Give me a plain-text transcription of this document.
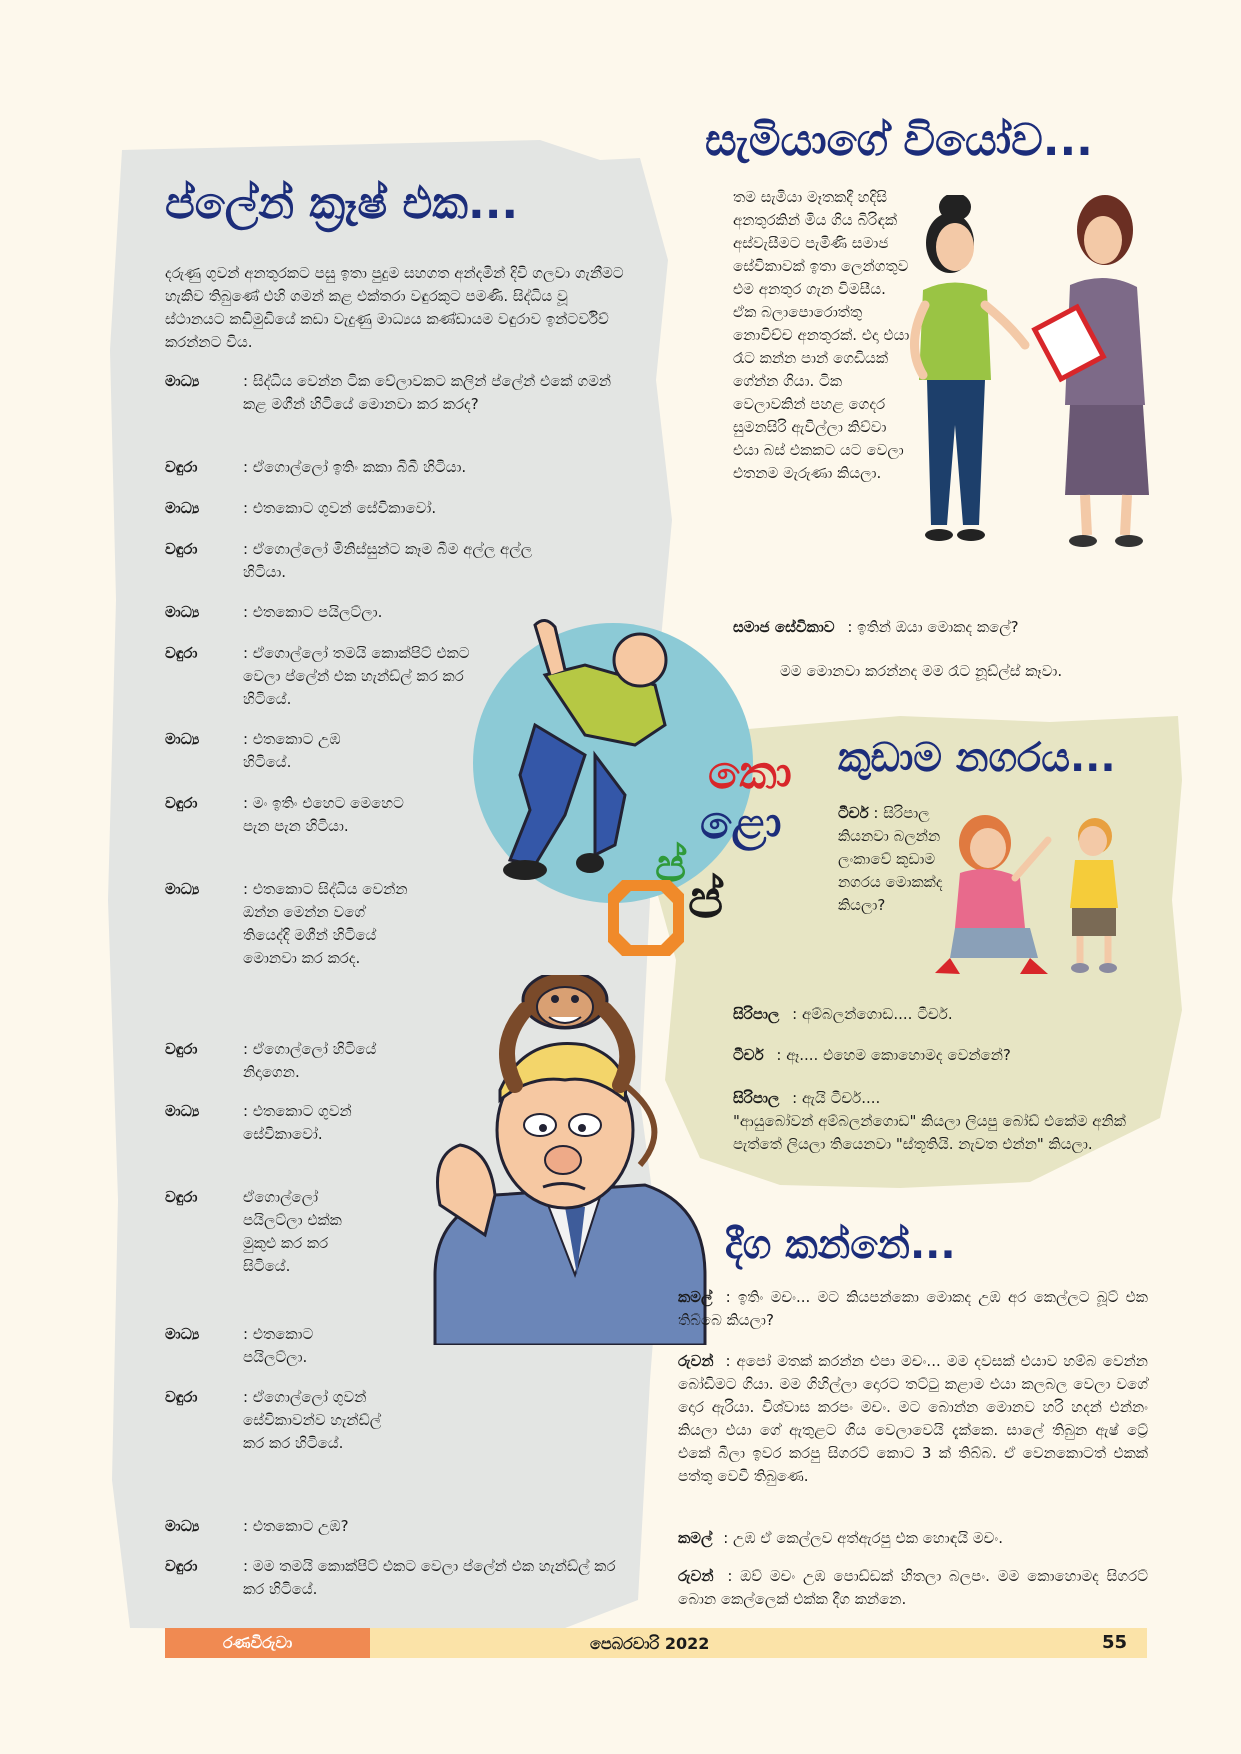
ප්ලේන් ක්‍රෑෂ් එක...
දරුණු ගුවන් අනතුරකට පසු ඉතා පුදුම සහගත අන්දමින් දිවි ගලවා ගැනීමට හැකිව තිබුණේ එහි ගමන් කළ එක්තරා වඳුරකුට පමණි. සිද්ධිය වූ ස්ථානයට කඩිමුඩියේ කඩා වැදුණු මාධ්‍යය කණ්ඩායම වඳුරාව ඉන්ටර්විව් කරන්නට විය.
මාධ්‍ය	: සිද්ධිය වෙන්න ටික වේලාවකට කලින් ප්ලේන් එකේ ගමන් කළ මගීන් හිටියේ මොනවා කර කරද?
වඳුරා	: ඒගොල්ලෝ ඉතිං කකා බිබී හිටියා.
මාධ්‍ය	: එතකොට ගුවන් සේවිකාවෝ.
වඳුරා	: ඒගොල්ලෝ මිනිස්සුන්ට කෑම බීම අල්ල අල්ල හිටියා.
මාධ්‍ය	: එතකොට පයිලට්ලා.
වඳුරා	: ඒගොල්ලෝ තමයි කොක්පිට් එකට වෙලා ප්ලේන් එක හැන්ඩ්ල් කර කර හිටියේ.
මාධ්‍ය	: එතකොට උඹ හිටියේ.
වඳුරා	: මං ඉතිං එහෙට මෙහෙට පැන පැන හිටියා.
මාධ්‍ය	: එතකොට සිද්ධිය වෙන්න ඔන්න මෙන්න වගේ තියෙද්දි මගීන් හිටියේ මොනවා කර කරද.
වඳුරා	: ඒගොල්ලෝ හිටියේ නිදාගෙන.
මාධ්‍ය	: එතකොට ගුවන් සේවිකාවෝ.
වඳුරා	ඒගොල්ලෝ පයිලට්ලා එක්ක මුකුළු කර කර සිටියේ.
මාධ්‍ය	: එතකොට පයිලට්ලා.
වඳුරා	: ඒගොල්ලෝ ගුවන් සේවිකාවන්ව හැන්ඩ්ල් කර කර හිටියේ.
මාධ්‍ය	: එතකොට උඹ?
වඳුරා	: මම තමයි කොක්පිට් එකට වෙලා ප්ලේන් එක හැන්ඩ්ල් කර කර හිටියේ.
කො
ළො
ප්
ප්
සැමියාගේ වියෝව...
තම සැමියා මෑතකදී හදිසි අනතුරකින් මිය ගිය බිරිඳක් අස්වැසීමට පැමිණි සමාජ සේවිකාවක් ඉතා ලෙන්ගතුව එම අනතුර ගැන විමසීය. ඒක බලාපොරොත්තු නොවිච්ච අනතුරක්. එදා එයා රෑට කන්න පාන් ගෙඩියක් ගේන්න ගියා. ටික වෙලාවකින් පහළ ගෙදර සුමනසිරි ඇවිල්ලා කිව්වා එයා බස් එකකට යට වෙලා එතනම මැරුණා කියලා.
සමාජ සේවිකාව : ඉතින් ඔයා මොකද කලේ?
මම මොනවා කරන්නද මම රෑට නූඩ්ල්ස් කෑවා.
කුඩාම නගරය...
ටීචර් : සිරිපාල කියනවා බලන්න ලංකාවේ කුඩාම නගරය මොකක්ද කියලා?
සිරිපාල : අම්බලන්ගොඩ.... ටීචර්.
ටීචර් : ඈ.... එහෙම කොහොමද වෙන්නේ?
සිරිපාල : ඇයි ටීචර්....
"ආයුබෝවන් අම්බලන්ගොඩ" කියලා ලියපු බෝඩ් එකේම අනික් පැත්තේ ලියලා තියෙනවා "ස්තූතියි. නැවත එන්න" කියලා.
දීග කන්නේ...
කමල් : ඉතිං මචං... මට කියපන්කො මොකද උඹ අර කෙල්ලට බූට් එක තිබ්බෙ කියලා?
රුවන් : අපෝ මතක් කරන්න එපා මචං... මම දවසක් එයාව හම්බ වෙන්න බෝඩිමට ගියා. මම ගිහිල්ලා දොරට තට්ටු කළාම එයා කලබල වෙලා වගේ දොර ඇරියා. විශ්වාස කරපං මචං. මට බොන්න මොනව හරි හදන් එන්නං කියලා එයා ගේ ඇතුළට ගිය වෙලාවෙයි දැක්කෙ. සාලේ තිබුන ඇෂ් ට්‍රේ එකේ බීලා ඉවර කරපු සිගරට් කොට 3 ක් තිබ්බ. ඒ වෙනකොටත් එකක් පත්තු වෙවී තිබුණෙ.
කමල් : උඹ ඒ කෙල්ලව අත්ඇරපු එක හොඳයි මචං.
රුවන් : ඔව් මචං උඹ පොඩ්ඩක් හිතලා බලපං. මම කොහොමද සිගරට් බොන කෙල්ලෙක් එක්ක දීග කන්නෙ.
රණවිරුවා	පෙබරවාරි 2022	55
